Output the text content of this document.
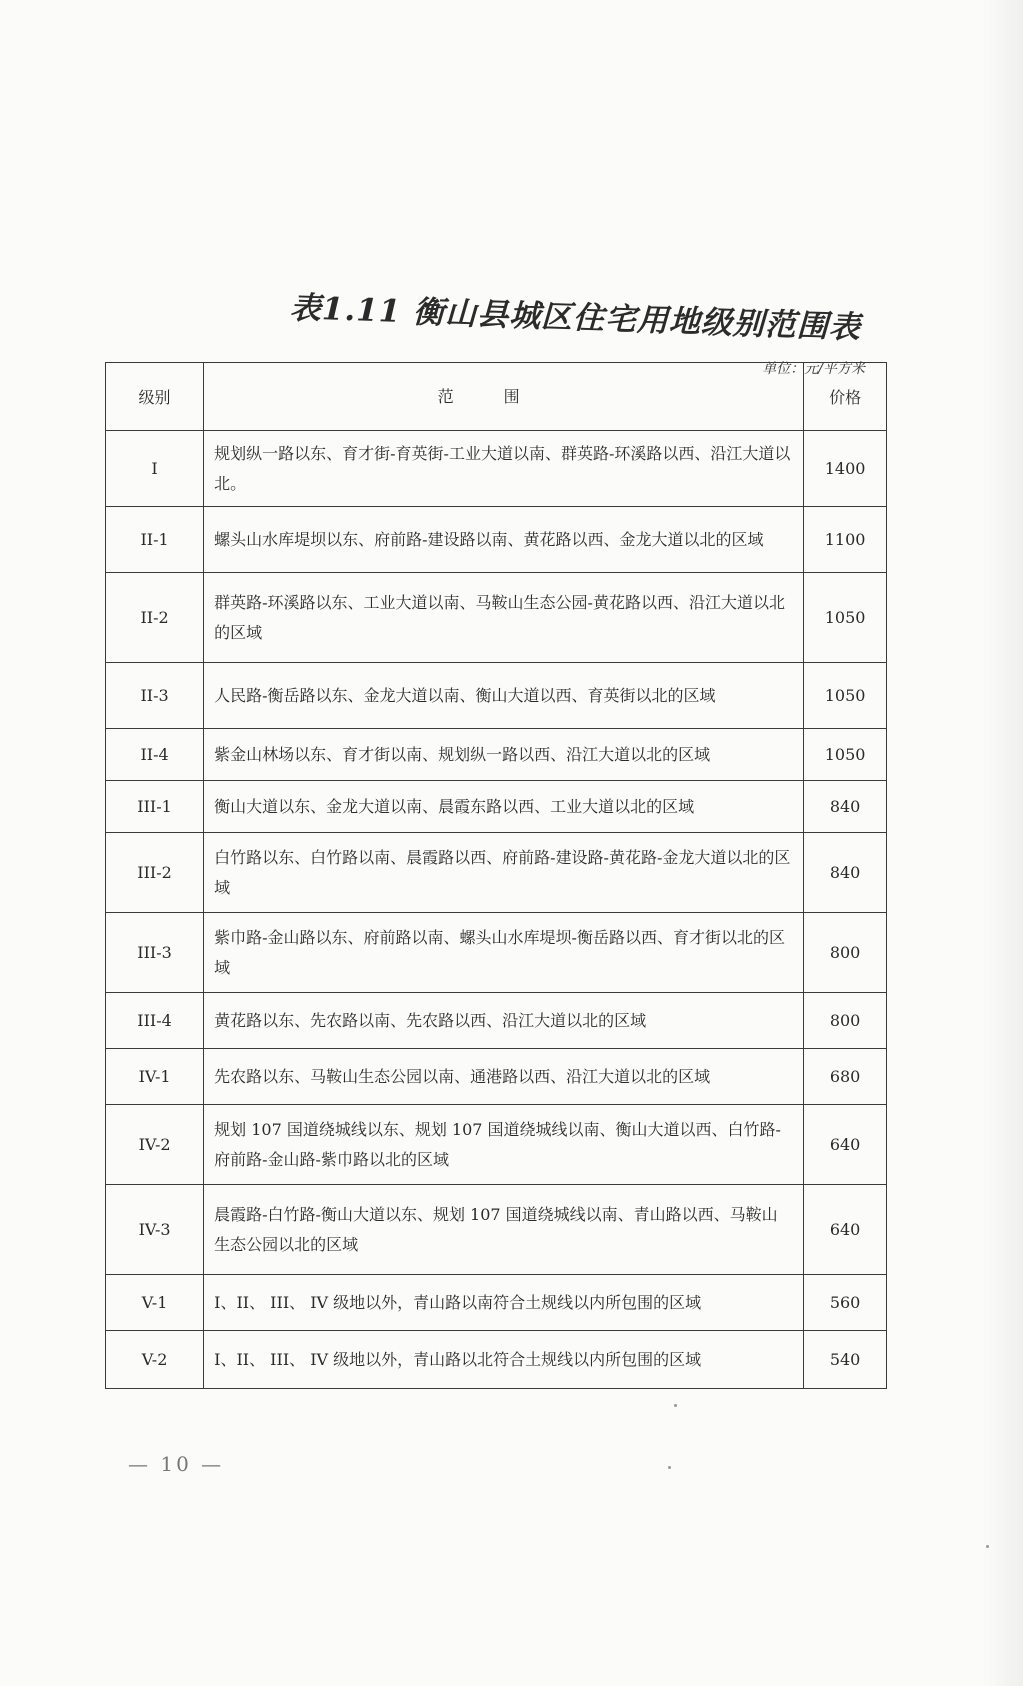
表1.11 衡山县城区住宅用地级别范围表
单位：元/平方米
级别	范围	价格
I	规划纵一路以东、育才街-育英街-工业大道以南、群英路-环溪路以西、沿江大道以北。	1400
II-1	螺头山水库堤坝以东、府前路-建设路以南、黄花路以西、金龙大道以北的区域	1100
II-2	群英路-环溪路以东、工业大道以南、马鞍山生态公园-黄花路以西、沿江大道以北的区域	1050
II-3	人民路-衡岳路以东、金龙大道以南、衡山大道以西、育英街以北的区域	1050
II-4	紫金山林场以东、育才街以南、规划纵一路以西、沿江大道以北的区域	1050
III-1	衡山大道以东、金龙大道以南、晨霞东路以西、工业大道以北的区域	840
III-2	白竹路以东、白竹路以南、晨霞路以西、府前路-建设路-黄花路-金龙大道以北的区域	840
III-3	紫巾路-金山路以东、府前路以南、螺头山水库堤坝-衡岳路以西、育才街以北的区域	800
III-4	黄花路以东、先农路以南、先农路以西、沿江大道以北的区域	800
IV-1	先农路以东、马鞍山生态公园以南、通港路以西、沿江大道以北的区域	680
IV-2	规划 107 国道绕城线以东、规划 107 国道绕城线以南、衡山大道以西、白竹路-府前路-金山路-紫巾路以北的区域	640
IV-3	晨霞路-白竹路-衡山大道以东、规划 107 国道绕城线以南、青山路以西、马鞍山生态公园以北的区域	640
V-1	I、II、 III、 IV 级地以外，青山路以南符合土规线以内所包围的区域	560
V-2	I、II、 III、 IV 级地以外，青山路以北符合土规线以内所包围的区域	540
— 10 —
